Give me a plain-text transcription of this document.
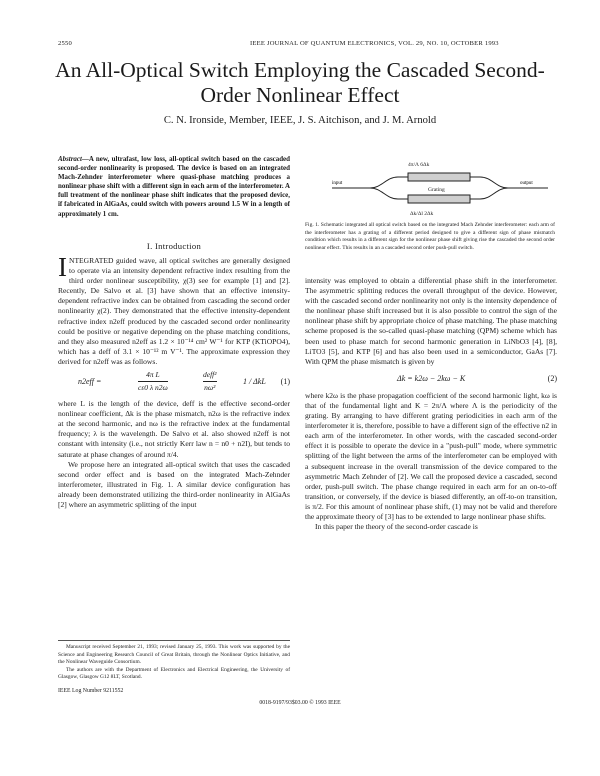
2550	IEEE JOURNAL OF QUANTUM ELECTRONICS, VOL. 29, NO. 10, OCTOBER 1993
An All-Optical Switch Employing the Cascaded Second-Order Nonlinear Effect
C. N. Ironside, Member, IEEE, J. S. Aitchison, and J. M. Arnold
Abstract—A new, ultrafast, low loss, all-optical switch based on the cascaded second-order nonlinearity is proposed. The device is based on an integrated Mach-Zehnder interferometer where quasi-phase matching produces a nonlinear phase shift with a different sign in each arm of the interferometer. A full treatment of the nonlinear phase shift indicates that the proposed device, if fabricated in AlGaAs, could switch with powers around 1.5 W in a length of approximately 1 cm.
I. Introduction

INTEGRATED guided wave, all optical switches are generally designed to operate via an intensity dependent refractive index resulting from the third order nonlinear susceptibility, χ(3) see for example [1] and [2]. Recently, De Salvo et al. [3] have shown that an effective intensity-dependent refractive index can be obtained from cascading the second order nonlinearity χ(2). They demonstrated that the effective intensity-dependent refractive index n2eff produced by the cascaded second order nonlinearity could be positive or negative depending on the phase matching conditions, and they also measured n2eff as 1.2 × 10⁻¹⁴ cm² W⁻¹ for KTP (KTiOPO4), which has a deff of 3.1 × 10⁻¹² m V⁻¹. The approximate expression they derived for n2eff was as follows.

n2eff =	$\frac{\text{4π L}}{\text{cε0 λ n2ω}}$	deff²
nω²
1 / ΔkL (1)

where L is the length of the device, deff is the effective second-order nonlinear coefficient, Δk is the phase mismatch, n2ω is the refractive index at the second harmonic, and nω is the refractive index at the fundamental frequency; λ is the wavelength. De Salvo et al. also showed n2eff is not constant with intensity (i.e., not strictly Kerr law n = n0 + n2I), but tends to saturate at phase changes of around π/4.

We propose here an integrated all-optical switch that uses the cascaded second order effect and is based on the integrated Mach-Zehnder interferometer, illustrated in Fig. 1. A similar device configuration has already been demonstrated utilizing the third-order nonlinearity in AlGaAs [2] where an asymmetric splitting of the input

Manuscript received September 21, 1993; revised January 25, 1993. This work was supported by the Science and Engineering Research Council of Great Britain, through the Nonlinear Optics Initiative, and the Nonlinear Waveguide Consortium.

The authors are with the Department of Electronics and Electrical Engineering, the University of Glasgow, Glasgow G12 8LT, Scotland.

IEEE Log Number 9211552
4π/Λ 6Δk
Grating
Δk/Δl 2Δk
input	output
Fig. 1. Schematic integrated all optical switch based on the integrated Mach Zehnder interferometer: each arm of the interferometer has a grating of a different period designed to give a different sign of phase mismatch condition which results in a different sign for the nonlinear phase shift giving rise the cascaded the second order nonlinear effect. This results in an a cascaded second order push-pull switch.

intensity was employed to obtain a differential phase shift in the interferometer. The asymmetric splitting reduces the overall throughput of the device. However, with the cascaded second order nonlinearity not only is the intensity dependence of the nonlinear phase shift increased but it is also possible to control the sign of the nonlinear phase shift by appropriate choice of phase matching. The phase matching scheme proposed is the so-called quasi-phase matching (QPM) scheme which has been used to phase match for second harmonic generation in LiNbO3 [4], [8], LiTO3 [5], and KTP [6] and has also been used in a semiconductor, GaAs [7]. With QPM the phase mismatch is given by

Δk = k2ω − 2kω − K	(2)

where k2ω is the phase propagation coefficient of the second harmonic light, kω is that of the fundamental light and K = 2π/Λ where Λ is the periodicity of the grating. By arranging to have different grating periodicities in each arm of the interferometer it is, therefore, possible to have a different sign of the effective n2 in each arm of the interferometer. In other words, with the cascaded second-order effect it is possible to operate the device in a "push-pull" mode, where symmetric splitting of the light between the arms of the interferometer can be employed with a subsequent increase in the overall transmission of the device compared to the asymmetric Mach Zehnder of [2]. We call the proposed device a cascaded, second order, push-pull switch. The phase change required in each arm for an on-to-off transition, or conversely, if the device is biased differently, an off-to-on transition, is π/2. For this amount of nonlinear phase shift, (1) may not be valid and therefore the approximate theory of [3] has to be extended to large nonlinear phase shifts.

In this paper the theory of the second-order cascade is

0018-9197/93$03.00 © 1993 IEEE
